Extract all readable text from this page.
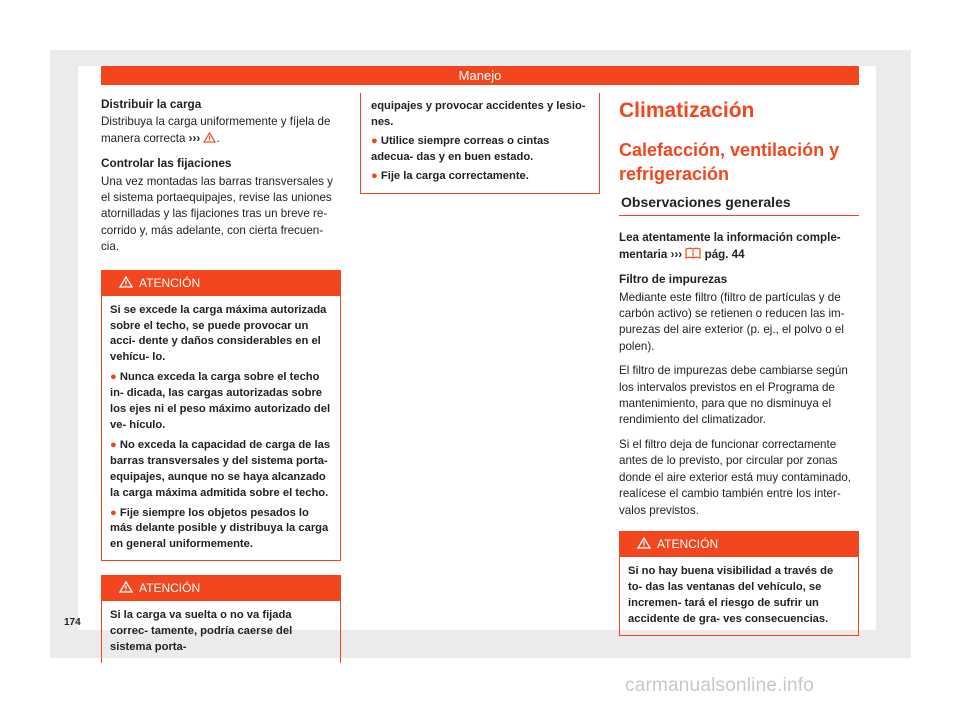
Manejo
Distribuir la carga

Distribuya la carga uniformemente y fíjela de manera correcta ››› .

Controlar las fijaciones

Una vez montadas las barras transversales y el sistema portaequipajes, revise las uniones atornilladas y las fijaciones tras un breve re- corrido y, más adelante, con cierta frecuen- cia.

ATENCIÓN
Si se excede la carga máxima autorizada sobre el techo, se puede provocar un acci- dente y daños considerables en el vehícu- lo.
● Nunca exceda la carga sobre el techo in- dicada, las cargas autorizadas sobre los ejes ni el peso máximo autorizado del ve- hículo.
● No exceda la capacidad de carga de las barras transversales y del sistema porta- equipajes, aunque no se haya alcanzado la carga máxima admitida sobre el techo.
● Fije siempre los objetos pesados lo más delante posible y distribuya la carga en general uniformemente.
ATENCIÓN
Si la carga va suelta o no va fijada correc- tamente, podría caerse del sistema porta-
equipajes y provocar accidentes y lesio- nes.
● Utilice siempre correas o cintas adecua- das y en buen estado.
● Fije la carga correctamente.
Climatización
Calefacción, ventilación y refrigeración
Observaciones generales

Lea atentamente la información comple- mentaria ››› pág. 44

Filtro de impurezas

Mediante este filtro (filtro de partículas y de carbón activo) se retienen o reducen las im- purezas del aire exterior (p. ej., el polvo o el polen).

El filtro de impurezas debe cambiarse según los intervalos previstos en el Programa de mantenimiento, para que no disminuya el rendimiento del climatizador.

Si el filtro deja de funcionar correctamente antes de lo previsto, por circular por zonas donde el aire exterior está muy contaminado, realícese el cambio también entre los inter- valos previstos.

ATENCIÓN
Si no hay buena visibilidad a través de to- das las ventanas del vehículo, se incremen- tará el riesgo de sufrir un accidente de gra- ves consecuencias.
174
carmanualsonline.info
